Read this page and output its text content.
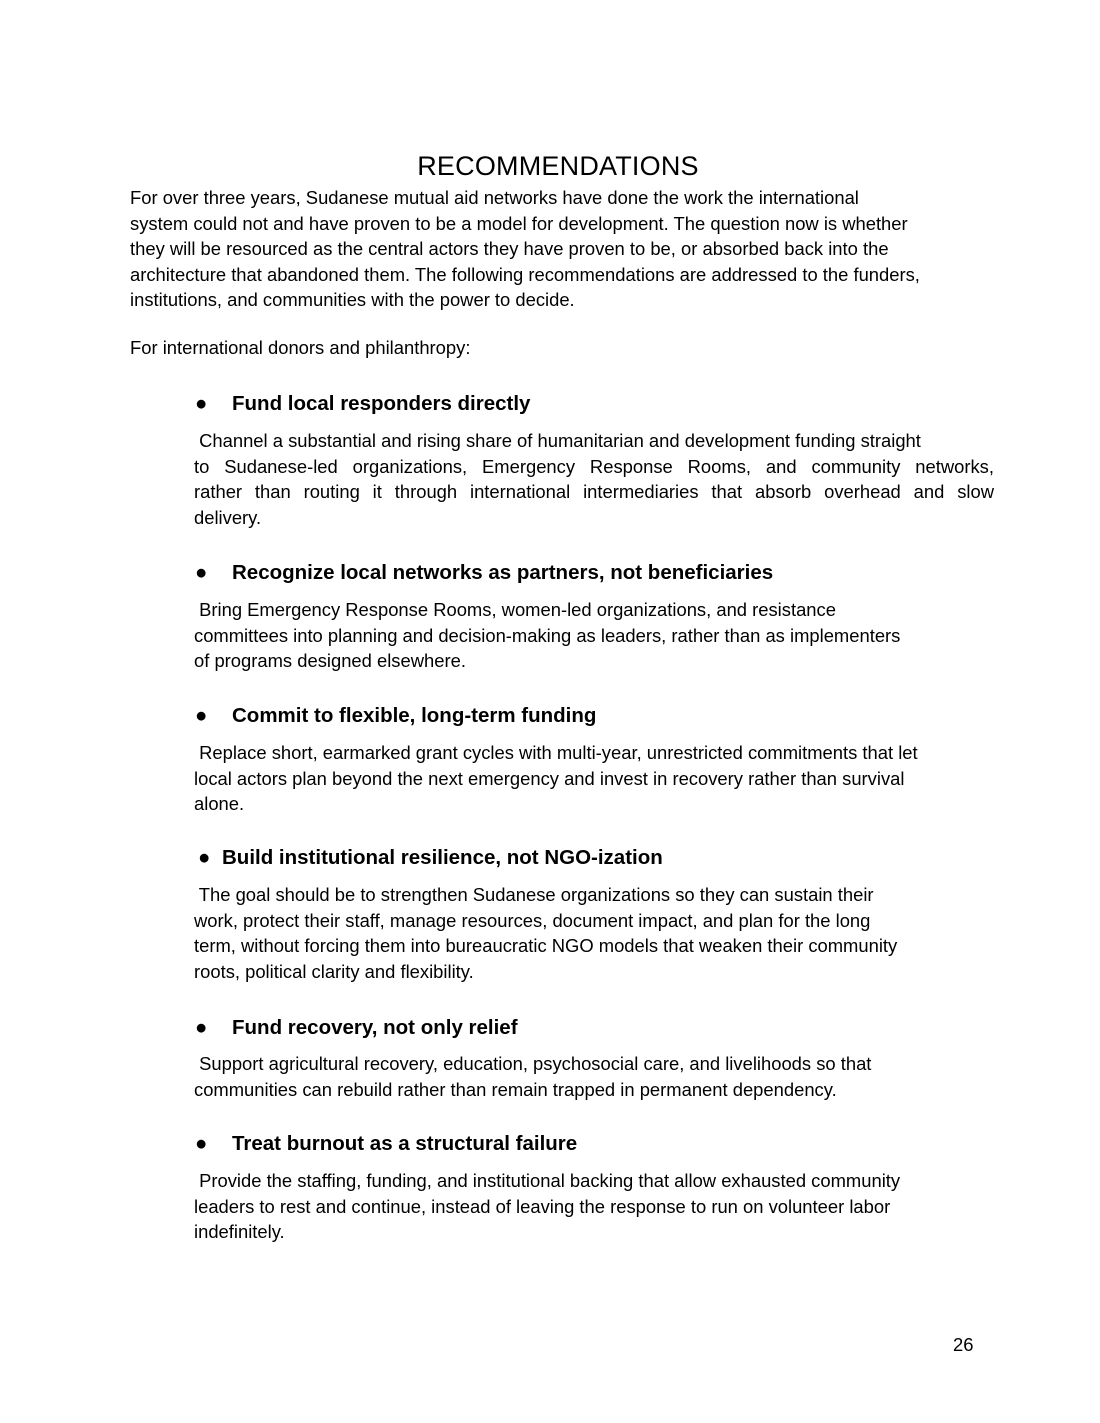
RECOMMENDATIONS
For over three years, Sudanese mutual aid networks have done the work the international
system could not and have proven to be a model for development. The question now is whether
they will be resourced as the central actors they have proven to be, or absorbed back into the
architecture that abandoned them. The following recommendations are addressed to the funders,
institutions, and communities with the power to decide.
For international donors and philanthropy:
● Fund local responders directly
Channel a substantial and rising share of humanitarian and development funding straight
to Sudanese-led organizations, Emergency Response Rooms, and community networks,
rather than routing it through international intermediaries that absorb overhead and slow
delivery.
● Recognize local networks as partners, not beneficiaries
Bring Emergency Response Rooms, women-led organizations, and resistance
committees into planning and decision-making as leaders, rather than as implementers
of programs designed elsewhere.
● Commit to flexible, long-term funding
Replace short, earmarked grant cycles with multi-year, unrestricted commitments that let
local actors plan beyond the next emergency and invest in recovery rather than survival
alone.
● Build institutional resilience, not NGO-ization
The goal should be to strengthen Sudanese organizations so they can sustain their
work, protect their staff, manage resources, document impact, and plan for the long
term, without forcing them into bureaucratic NGO models that weaken their community
roots, political clarity and flexibility.
● Fund recovery, not only relief
Support agricultural recovery, education, psychosocial care, and livelihoods so that
communities can rebuild rather than remain trapped in permanent dependency.
● Treat burnout as a structural failure
Provide the staffing, funding, and institutional backing that allow exhausted community
leaders to rest and continue, instead of leaving the response to run on volunteer labor
indefinitely.
26
